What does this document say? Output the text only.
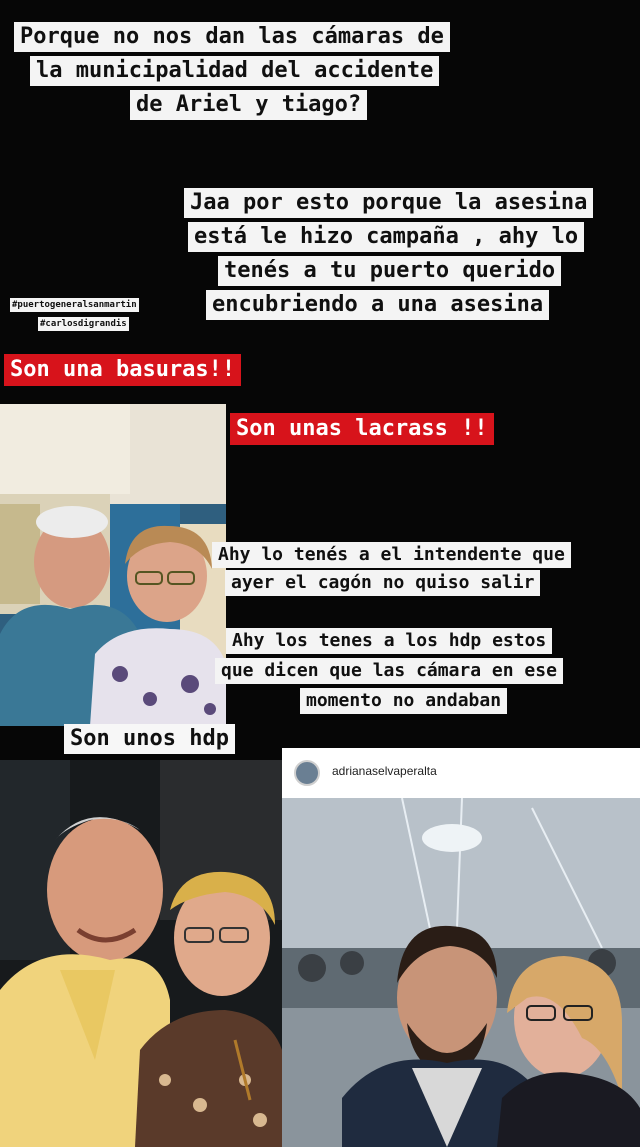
Porque no nos dan las cámaras de
la municipalidad del accidente
de Ariel y tiago?
Jaa por esto porque la asesina
está le hizo campaña , ahy lo
tenés a tu puerto querido
encubriendo a una asesina
#puertogeneralsanmartin
#carlosdigrandis
Son una basuras!!
Son unas lacrass !!
Ahy lo tenés a el intendente que
ayer el cagón no quiso salir
Ahy los tenes a los hdp estos
que dicen que las cámara en ese
momento no andaban
Son unos hdp
adrianaselvaperalta
